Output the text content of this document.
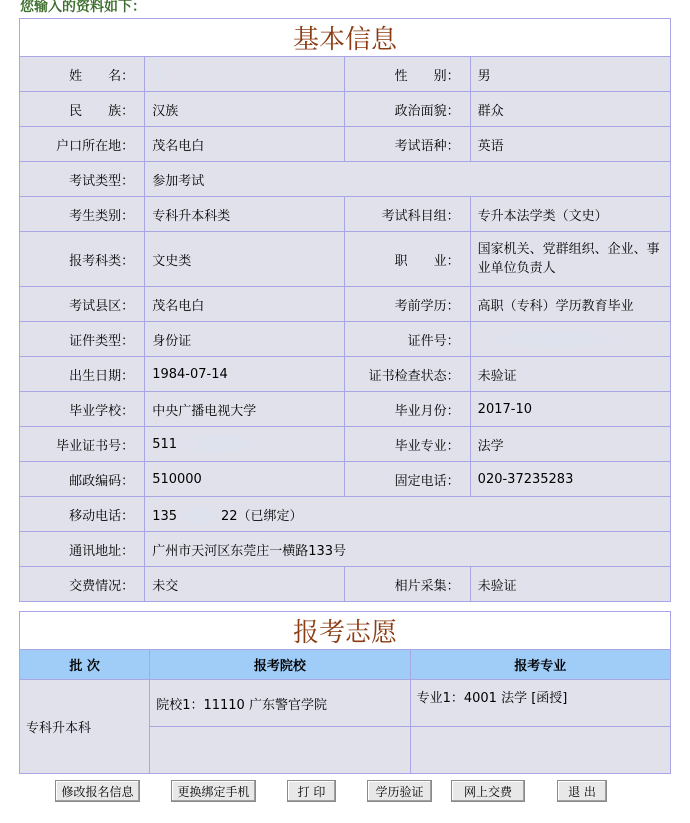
您输入的资料如下：
基本信息			
姓　　名：		性　　别：	男
民　　族：	汉族	政治面貌：	群众
户口所在地：	茂名电白	考试语种：	英语
考试类型：	参加考试		
考生类别：	专科升本科类	考试科目组：	专升本法学类（文史）
报考科类：	文史类	职　　业：	国家机关、党群组织、企业、事业单位负责人
考试县区：	茂名电白	考前学历：	高职（专科）学历教育毕业
证件类型：	身份证	证件号：	
出生日期：	1984-07-14	证书检查状态：	未验证
毕业学校：	中央广播电视大学	毕业月份：	2017-10
毕业证书号：	511	毕业专业：	法学
邮政编码：	510000	固定电话：	020-37235283
移动电话：	135 22（已绑定）		
通讯地址：	广州市天河区东莞庄一横路133号		
交费情况：	未交	相片采集：	未验证
报考志愿		
批 次	报考院校	报考专业
专科升本科	院校1：11110 广东警官学院	专业1：4001 法学 [函授]

修改报名信息	更换绑定手机	打 印	学历验证	网上交费	退 出
